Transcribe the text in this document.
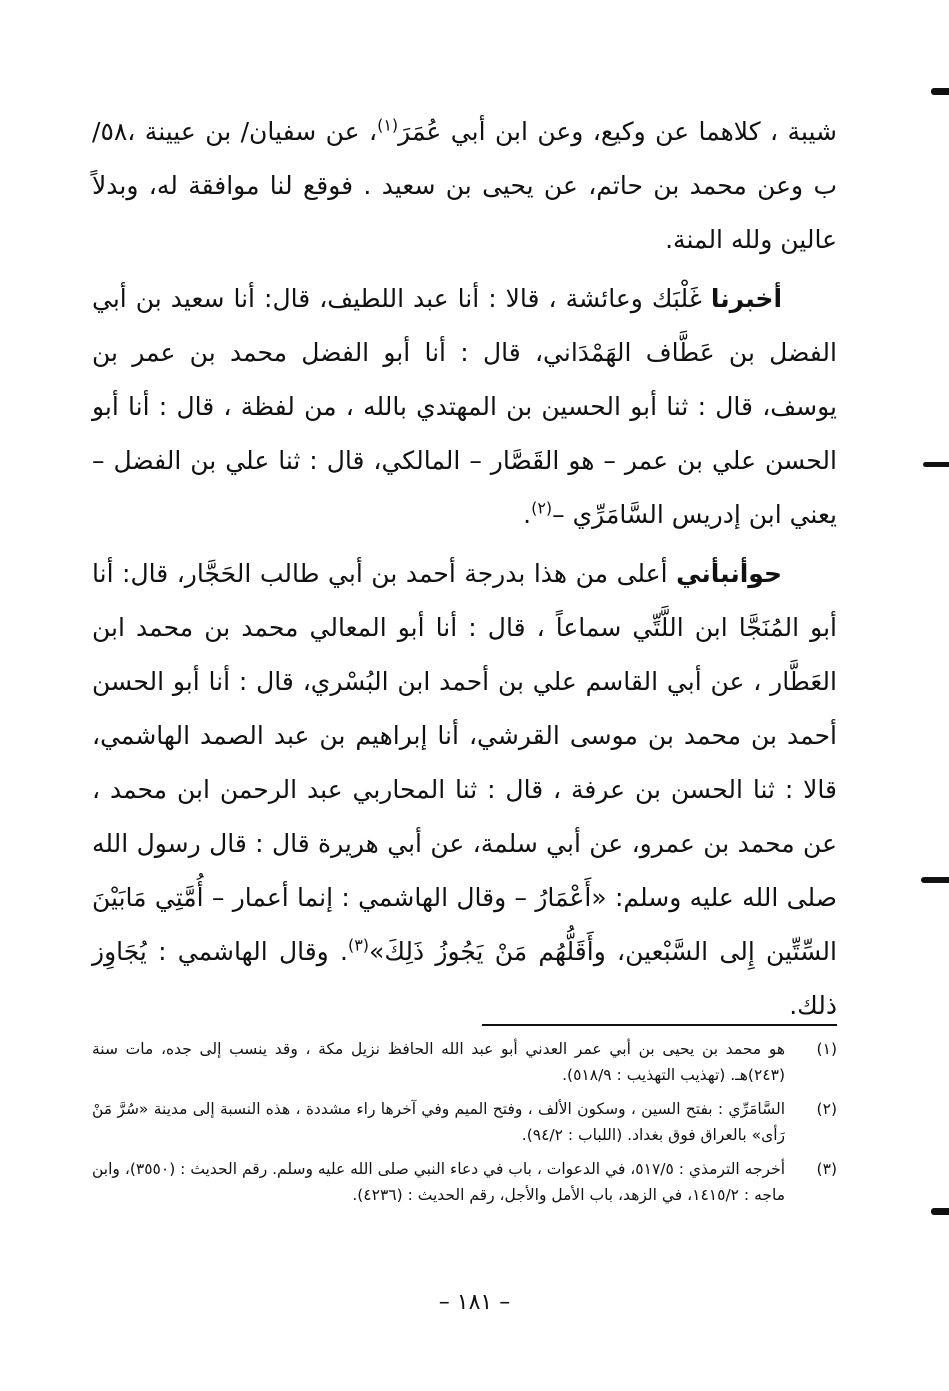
شيبة ، كلاهما عن وكيع، وعن ابن أبي عُمَرَ$^{(١)}$، عن سفيان/ بن عيينة ،٥٨/ب وعن محمد بن حاتم، عن يحيى بن سعيد . فوقع لنا موافقة له، وبدلاً عالين ولله المنة.

أخبرنا غَلْبَك وعائشة ، قالا : أنا عبد اللطيف، قال: أنا سعيد بن أبي الفضل بن عَطَّاف الهَمْدَاني، قال : أنا أبو الفضل محمد بن عمر بن يوسف، قال : ثنا أبو الحسين بن المهتدي بالله ، من لفظة ، قال : أنا أبو الحسن علي بن عمر – هو القَصَّار – المالكي، قال : ثنا علي بن الفضل – يعني ابن إدريس السَّامَرِّي –$^{(٢)}$.

حوأنبأني أعلى من هذا بدرجة أحمد بن أبي طالب الحَجَّار، قال: أنا أبو المُنَجَّا ابن اللَّتِّي سماعاً ، قال : أنا أبو المعالي محمد بن محمد ابن العَطَّار ، عن أبي القاسم علي بن أحمد ابن البُسْري، قال : أنا أبو الحسن أحمد بن محمد بن موسى القرشي، أنا إبراهيم بن عبد الصمد الهاشمي، قالا : ثنا الحسن بن عرفة ، قال : ثنا المحاربي عبد الرحمن ابن محمد ، عن محمد بن عمرو، عن أبي سلمة، عن أبي هريرة قال : قال رسول الله صلى الله عليه وسلم: «أَعْمَارُ – وقال الهاشمي : إنما أعمار – أُمَّتِي مَابَيْنَ السِّتِّين إِلى السَّبْعين، وأَقَلُّهُم مَنْ يَجُوزُ ذَلِكَ»$^{(٣)}$. وقال الهاشمي : يُجَاوِز ذلك.

(١)
هو محمد بن يحيى بن أبي عمر العدني أبو عبد الله الحافظ نزيل مكة ، وقد ينسب إلى جده، مات سنة (٢٤٣)هـ. (تهذيب التهذيب : ٥١٨/٩).
(٢)
السَّامَرِّي : بفتح السين ، وسكون الألف ، وفتح الميم وفي آخرها راء مشددة ، هذه النسبة إلى مدينة «سُرَّ مَنْ رَأى» بالعراق فوق بغداد. (اللباب : ٩٤/٢).
(٣)
أخرجه الترمذي : ٥١٧/٥، في الدعوات ، باب في دعاء النبي صلى الله عليه وسلم. رقم الحديث : (٣٥٥٠)، وابن ماجه : ١٤١٥/٢، في الزهد، باب الأمل والأجل، رقم الحديث : (٤٢٣٦).
– ١٨١ –
